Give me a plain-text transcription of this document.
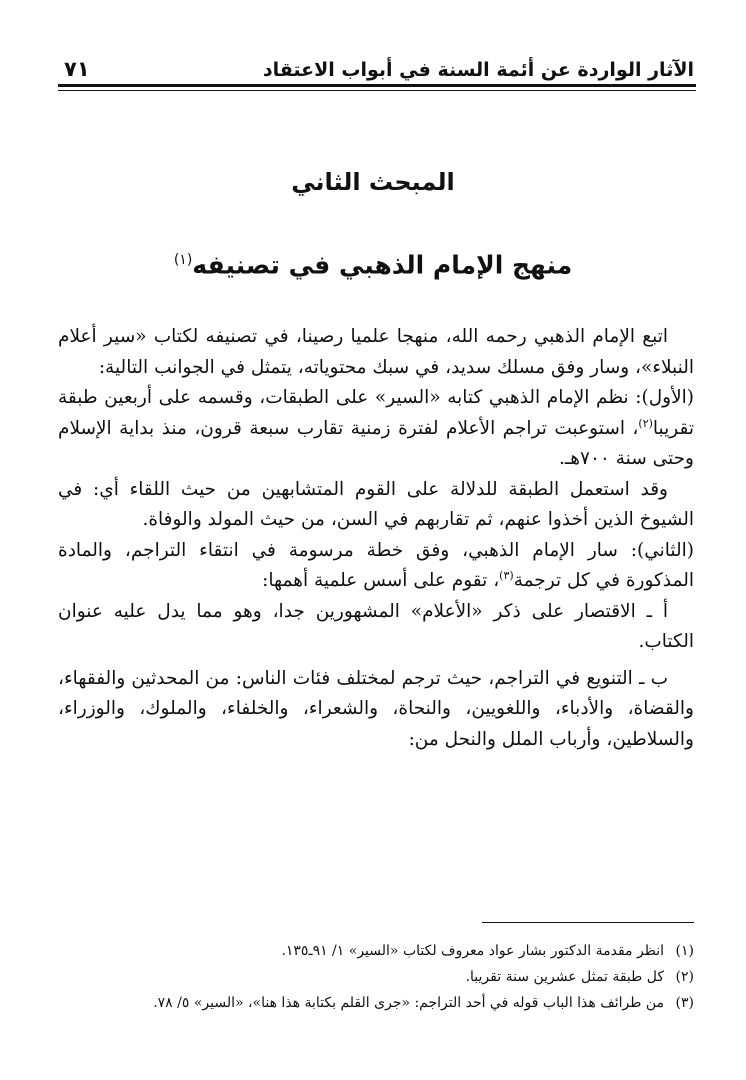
الآثار الواردة عن أئمة السنة في أبواب الاعتقاد
٧١
المبحث الثاني
منهج الإمام الذهبي في تصنيفه$^{(١)}$

اتبع الإمام الذهبي رحمه الله، منهجا علميا رصينا، في تصنيفه لكتاب «سير أعلام النبلاء»، وسار وفق مسلك سديد، في سبك محتوياته، يتمثل في الجوانب التالية:

(الأول): نظم الإمام الذهبي كتابه «السير» على الطبقات، وقسمه على أربعين طبقة تقريبا$^{(٢)}$، استوعبت تراجم الأعلام لفترة زمنية تقارب سبعة قرون، منذ بداية الإسلام وحتى سنة ٧٠٠هـ.

وقد استعمل الطبقة للدلالة على القوم المتشابهين من حيث اللقاء أي: في الشيوخ الذين أخذوا عنهم، ثم تقاربهم في السن، من حيث المولد والوفاة.

(الثاني): سار الإمام الذهبي، وفق خطة مرسومة في انتقاء التراجم، والمادة المذكورة في كل ترجمة$^{(٣)}$، تقوم على أسس علمية أهمها:

أ ـ الاقتصار على ذكر «الأعلام» المشهورين جدا، وهو مما يدل عليه عنوان الكتاب.

ب ـ التنويع في التراجم، حيث ترجم لمختلف فئات الناس: من المحدثين والفقهاء، والقضاة، والأدباء، واللغويين، والنحاة، والشعراء، والخلفاء، والملوك، والوزراء، والسلاطين، وأرباب الملل والنحل من:

(١)
انظر مقدمة الدكتور بشار عواد معروف لكتاب «السير» ١/ ٩١ـ١٣٥.
(٢)
كل طبقة تمثل عشرين سنة تقريبا.
(٣)
من طرائف هذا الباب قوله في أحد التراجم: «جرى القلم بكتابة هذا هنا»، «السير» ٥/ ٧٨.
